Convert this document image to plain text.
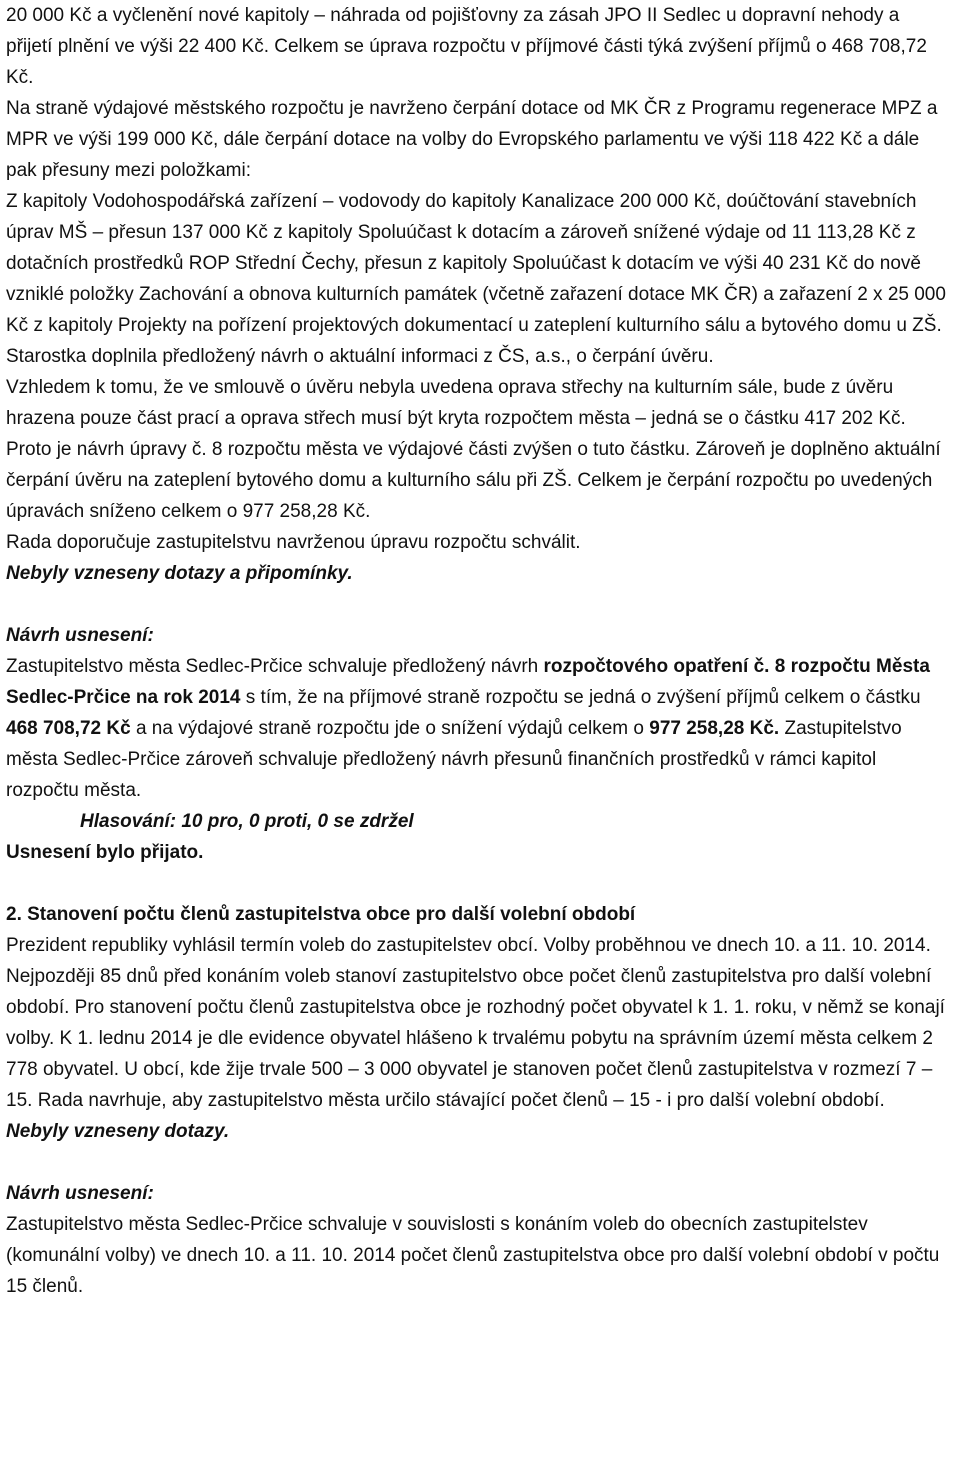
20 000 Kč a vyčlenění nové kapitoly – náhrada od pojišťovny za zásah JPO II Sedlec u dopravní nehody a přijetí plnění ve výši 22 400 Kč. Celkem se úprava rozpočtu v příjmové části týká zvýšení příjmů o 468 708,72 Kč.

Na straně výdajové městského rozpočtu je navrženo čerpání dotace od MK ČR z Programu regenerace MPZ a MPR ve výši 199 000 Kč, dále čerpání dotace na volby do Evropského parlamentu ve výši 118 422 Kč a dále pak přesuny mezi položkami:

Z kapitoly Vodohospodářská zařízení – vodovody do kapitoly Kanalizace 200 000 Kč, doúčtování stavebních úprav MŠ – přesun 137 000 Kč z kapitoly Spoluúčast k dotacím a zároveň snížené výdaje od 11 113,28 Kč z dotačních prostředků ROP Střední Čechy, přesun z kapitoly Spoluúčast k dotacím ve výši 40 231 Kč do nově vzniklé položky Zachování a obnova kulturních památek (včetně zařazení dotace MK ČR) a zařazení 2 x 25 000 Kč z kapitoly Projekty na pořízení projektových dokumentací u zateplení kulturního sálu a bytového domu u ZŠ.

Starostka doplnila předložený návrh o aktuální informaci z ČS, a.s., o čerpání úvěru.

Vzhledem k tomu, že ve smlouvě o úvěru nebyla uvedena oprava střechy na kulturním sále, bude z úvěru hrazena pouze část prací a oprava střech musí být kryta rozpočtem města – jedná se o částku 417 202 Kč. Proto je návrh úpravy č. 8 rozpočtu města ve výdajové části zvýšen o tuto částku. Zároveň je doplněno aktuální čerpání úvěru na zateplení bytového domu a kulturního sálu při ZŠ. Celkem je čerpání rozpočtu po uvedených úpravách sníženo celkem o 977 258,28 Kč.

Rada doporučuje zastupitelstvu navrženou úpravu rozpočtu schválit.

Nebyly vzneseny dotazy a připomínky.

Návrh usnesení:

Zastupitelstvo města Sedlec-Prčice schvaluje předložený návrh rozpočtového opatření č. 8 rozpočtu Města Sedlec-Prčice na rok 2014 s tím, že na příjmové straně rozpočtu se jedná o zvýšení příjmů celkem o částku 468 708,72 Kč a na výdajové straně rozpočtu jde o snížení výdajů celkem o 977 258,28 Kč. Zastupitelstvo města Sedlec-Prčice zároveň schvaluje předložený návrh přesunů finančních prostředků v rámci kapitol rozpočtu města.

Hlasování: 10 pro, 0 proti, 0 se zdržel

Usnesení bylo přijato.

2. Stanovení počtu členů zastupitelstva obce pro další volební období

Prezident republiky vyhlásil termín voleb do zastupitelstev obcí. Volby proběhnou ve dnech 10. a 11. 10. 2014. Nejpozději 85 dnů před konáním voleb stanoví zastupitelstvo obce počet členů zastupitelstva pro další volební období. Pro stanovení počtu členů zastupitelstva obce je rozhodný počet obyvatel k 1. 1. roku, v němž se konají volby. K 1. lednu 2014 je dle evidence obyvatel hlášeno k trvalému pobytu na správním území města celkem 2 778 obyvatel. U obcí, kde žije trvale 500 – 3 000 obyvatel je stanoven počet členů zastupitelstva v rozmezí 7 – 15. Rada navrhuje, aby zastupitelstvo města určilo stávající počet členů – 15 - i pro další volební období.

Nebyly vzneseny dotazy.

Návrh usnesení:

Zastupitelstvo města Sedlec-Prčice schvaluje v souvislosti s konáním voleb do obecních zastupitelstev (komunální volby) ve dnech 10. a 11. 10. 2014 počet členů zastupitelstva obce pro další volební období v počtu 15 členů.
